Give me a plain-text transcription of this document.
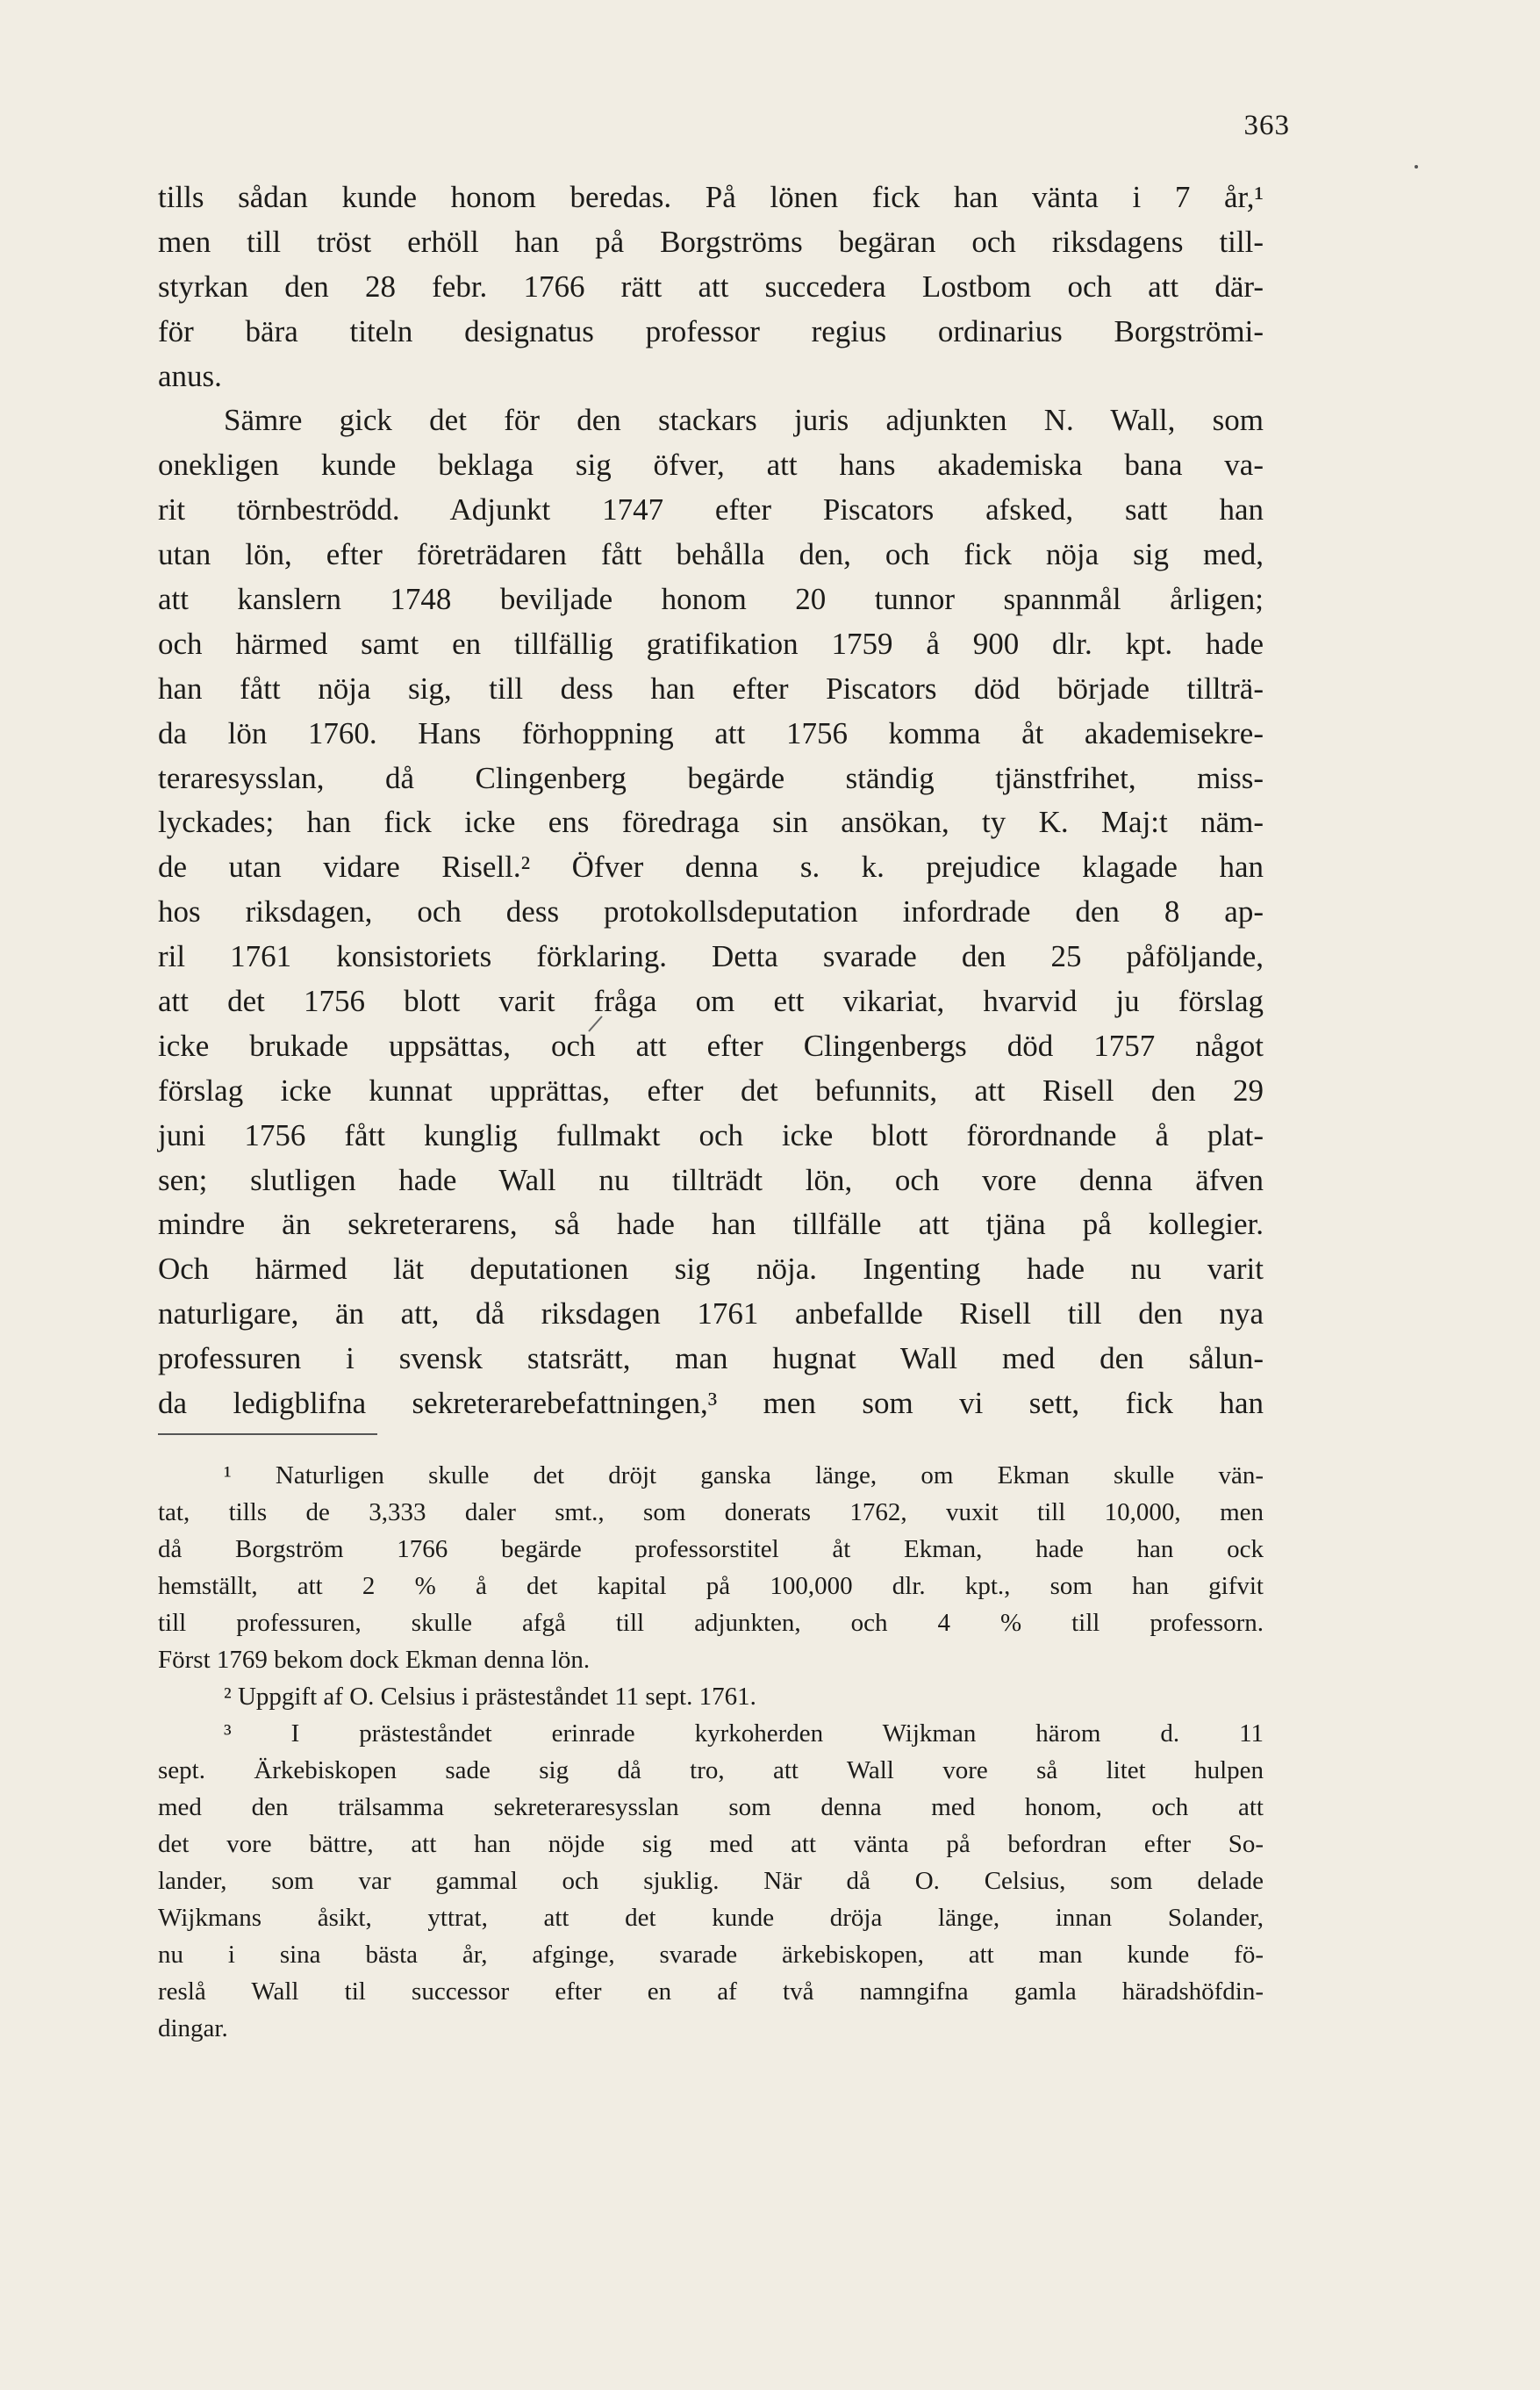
363
tills sådan kunde honom beredas. På lönen fick han vänta i 7 år,¹
men till tröst erhöll han på Borgströms begäran och riksdagens till-
styrkan den 28 febr. 1766 rätt att succedera Lostbom och att där-
för bära titeln designatus professor regius ordinarius Borgströmi-
anus.
Sämre gick det för den stackars juris adjunkten N. Wall, som
onekligen kunde beklaga sig öfver, att hans akademiska bana va-
rit törnbeströdd. Adjunkt 1747 efter Piscators afsked, satt han
utan lön, efter företrädaren fått behålla den, och fick nöja sig med,
att kanslern 1748 beviljade honom 20 tunnor spannmål årligen;
och härmed samt en tillfällig gratifikation 1759 å 900 dlr. kpt. hade
han fått nöja sig, till dess han efter Piscators död började tillträ-
da lön 1760. Hans förhoppning att 1756 komma åt akademisekre-
teraresysslan, då Clingenberg begärde ständig tjänstfrihet, miss-
lyckades; han fick icke ens föredraga sin ansökan, ty K. Maj:t näm-
de utan vidare Risell.² Öfver denna s. k. prejudice klagade han
hos riksdagen, och dess protokollsdeputation infordrade den 8 ap-
ril 1761 konsistoriets förklaring. Detta svarade den 25 påföljande,
att det 1756 blott varit fråga om ett vikariat, hvarvid ju förslag
icke brukade uppsättas, och att efter Clingenbergs död 1757 något
förslag icke kunnat upprättas, efter det befunnits, att Risell den 29
juni 1756 fått kunglig fullmakt och icke blott förordnande å plat-
sen; slutligen hade Wall nu tillträdt lön, och vore denna äfven
mindre än sekreterarens, så hade han tillfälle att tjäna på kollegier.
Och härmed lät deputationen sig nöja. Ingenting hade nu varit
naturligare, än att, då riksdagen 1761 anbefallde Risell till den nya
professuren i svensk statsrätt, man hugnat Wall med den sålun-
da ledigblifna sekreterarebefattningen,³ men som vi sett, fick han
¹ Naturligen skulle det dröjt ganska länge, om Ekman skulle vän-
tat, tills de 3,333 daler smt., som donerats 1762, vuxit till 10,000, men
då Borgström 1766 begärde professorstitel åt Ekman, hade han ock
hemställt, att 2 % å det kapital på 100,000 dlr. kpt., som han gifvit
till professuren, skulle afgå till adjunkten, och 4 % till professorn.
Först 1769 bekom dock Ekman denna lön.
² Uppgift af O. Celsius i prästeståndet 11 sept. 1761.
³ I prästeståndet erinrade kyrkoherden Wijkman härom d. 11
sept. Ärkebiskopen sade sig då tro, att Wall vore så litet hulpen
med den trälsamma sekreteraresysslan som denna med honom, och att
det vore bättre, att han nöjde sig med att vänta på befordran efter So-
lander, som var gammal och sjuklig. När då O. Celsius, som delade
Wijkmans åsikt, yttrat, att det kunde dröja länge, innan Solander,
nu i sina bästa år, afginge, svarade ärkebiskopen, att man kunde fö-
reslå Wall til successor efter en af två namngifna gamla häradshöfdin-
dingar.
